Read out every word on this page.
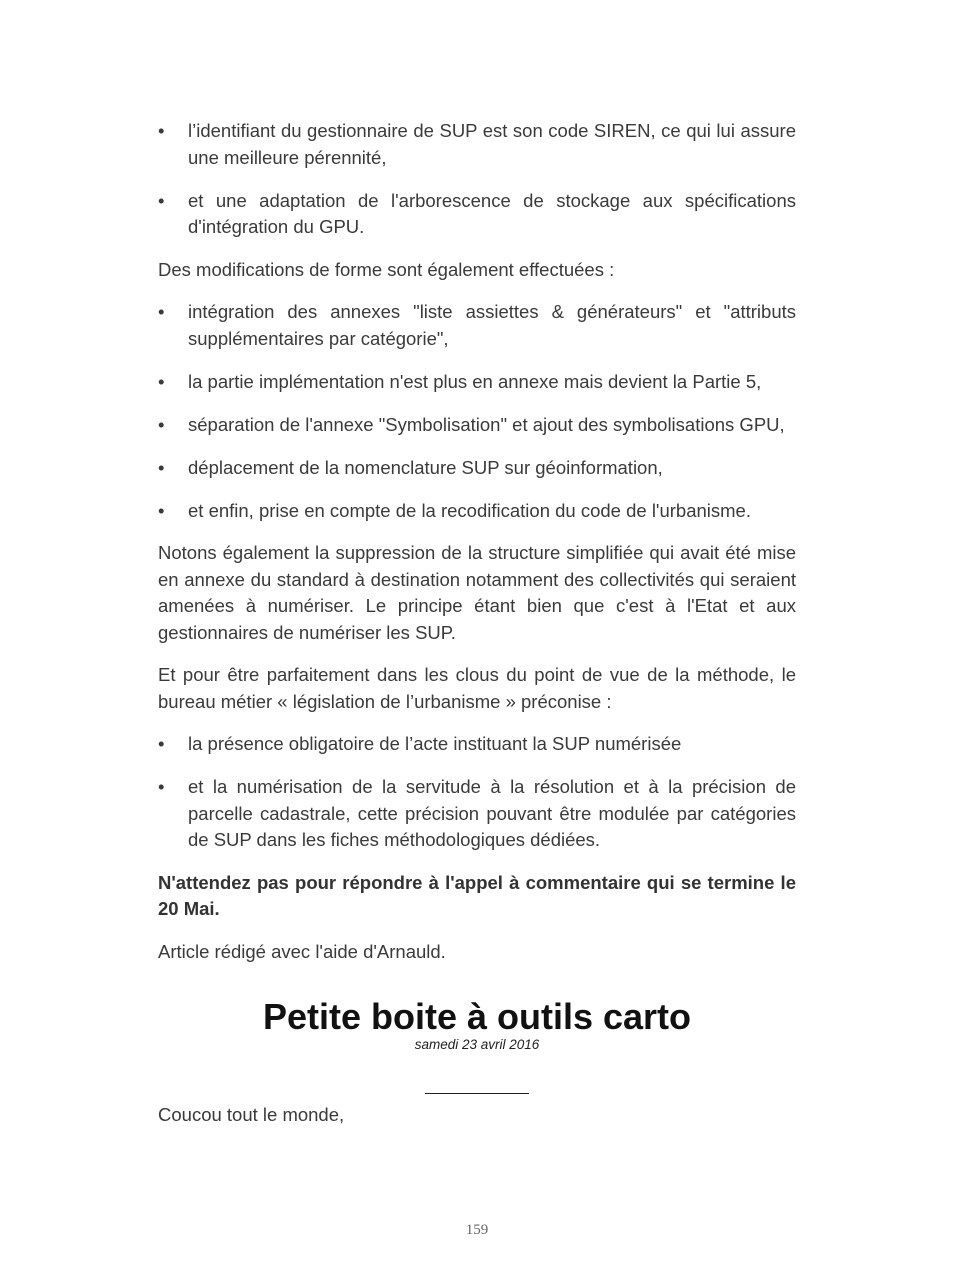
• l’identifiant du gestionnaire de SUP est son code SIREN, ce qui lui assure une meilleure pérennité,
• et une adaptation de l'arborescence de stockage aux spécifications d'intégration du GPU.

Des modifications de forme sont également effectuées :

• intégration des annexes "liste assiettes & générateurs" et "attributs supplémentaires par catégorie",
• la partie implémentation n'est plus en annexe mais devient la Partie 5,
• séparation de l'annexe "Symbolisation" et ajout des symbolisations GPU,
• déplacement de la nomenclature SUP sur géoinformation,
• et enfin, prise en compte de la recodification du code de l'urbanisme.

Notons également la suppression de la structure simplifiée qui avait été mise en annexe du standard à destination notamment des collectivités qui seraient amenées à numériser. Le principe étant bien que c'est à l'Etat et aux gestionnaires de numériser les SUP.

Et pour être parfaitement dans les clous du point de vue de la méthode, le bureau métier « législation de l’urbanisme » préconise :

• la présence obligatoire de l’acte instituant la SUP numérisée
• et la numérisation de la servitude à la résolution et à la précision de parcelle cadastrale, cette précision pouvant être modulée par catégories de SUP dans les fiches méthodologiques dédiées.

N'attendez pas pour répondre à l'appel à commentaire qui se termine le 20 Mai.

Article rédigé avec l'aide d'Arnauld.

Petite boite à outils carto
samedi 23 avril 2016

Coucou tout le monde,

159
